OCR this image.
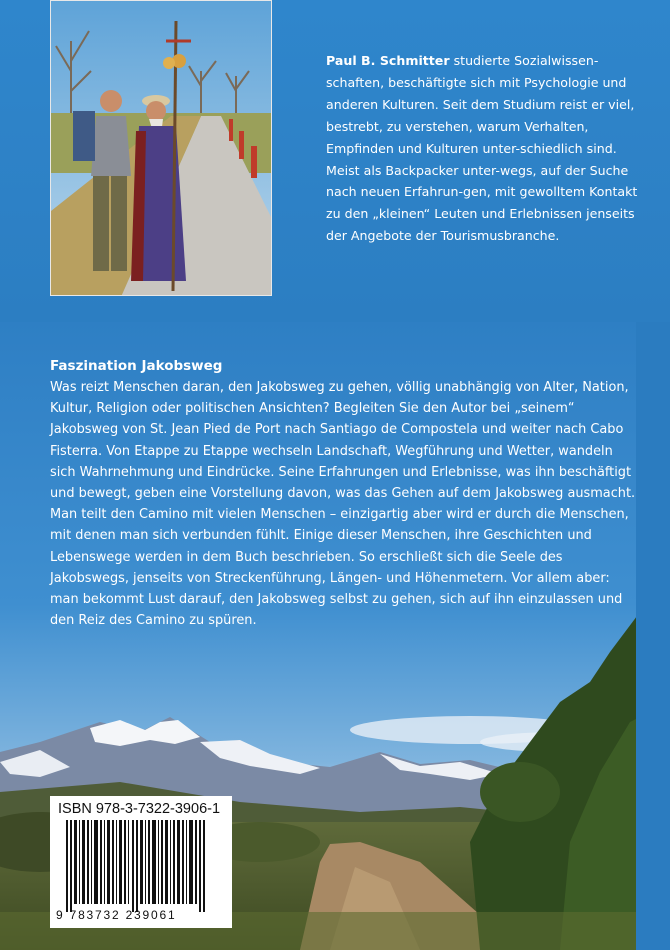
Paul B. Schmitter studierte Sozialwissen-schaften, beschäftigte sich mit Psychologie und anderen Kulturen. Seit dem Studium reist er viel, bestrebt, zu verstehen, warum Verhalten, Empfinden und Kulturen unter-schiedlich sind. Meist als Backpacker unter-wegs, auf der Suche nach neuen Erfahrun-gen, mit gewolltem Kontakt zu den „kleinen“ Leuten und Erlebnissen jenseits der Angebote der Tourismusbranche.

Faszination Jakobsweg

Was reizt Menschen daran, den Jakobsweg zu gehen, völlig unabhängig von Alter, Nation, Kultur, Religion oder politischen Ansichten? Begleiten Sie den Autor bei „seinem“ Jakobsweg von St. Jean Pied de Port nach Santiago de Compostela und weiter nach Cabo Fisterra. Von Etappe zu Etappe wechseln Landschaft, Wegführung und Wetter, wandeln sich Wahrnehmung und Eindrücke. Seine Erfahrungen und Erlebnisse, was ihn beschäftigt und bewegt, geben eine Vorstellung davon, was das Gehen auf dem Jakobsweg ausmacht. Man teilt den Camino mit vielen Menschen – einzigartig aber wird er durch die Menschen, mit denen man sich verbunden fühlt. Einige dieser Menschen, ihre Geschichten und Lebenswege werden in dem Buch beschrieben. So erschließt sich die Seele des Jakobswegs, jenseits von Streckenführung, Längen- und Höhenmetern. Vor allem aber: man bekommt Lust darauf, den Jakobsweg selbst zu gehen, sich auf ihn einzulassen und den Reiz des Camino zu spüren.

ISBN 978-3-7322-3906-1

9 783732 239061
